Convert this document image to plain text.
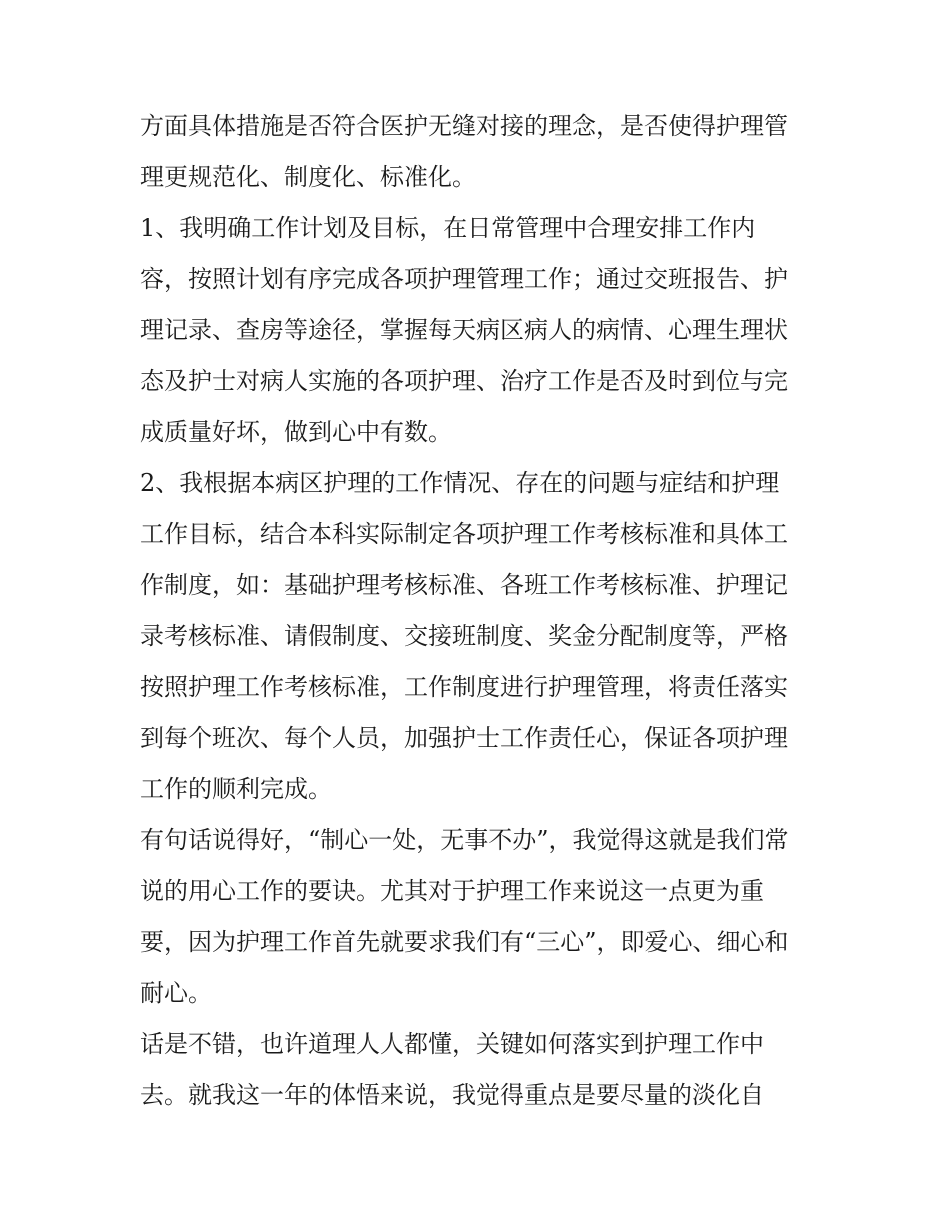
方面具体措施是否符合医护无缝对接的理念，是否使得护理管
理更规范化、制度化、标准化。
1、我明确工作计划及目标，在日常管理中合理安排工作内
容，按照计划有序完成各项护理管理工作；通过交班报告、护
理记录、查房等途径，掌握每天病区病人的病情、心理生理状
态及护士对病人实施的各项护理、治疗工作是否及时到位与完
成质量好坏，做到心中有数。
2、我根据本病区护理的工作情况、存在的问题与症结和护理
工作目标，结合本科实际制定各项护理工作考核标准和具体工
作制度，如：基础护理考核标准、各班工作考核标准、护理记
录考核标准、请假制度、交接班制度、奖金分配制度等，严格
按照护理工作考核标准，工作制度进行护理管理，将责任落实
到每个班次、每个人员，加强护士工作责任心，保证各项护理
工作的顺利完成。
有句话说得好，“制心一处，无事不办”，我觉得这就是我们常
说的用心工作的要诀。尤其对于护理工作来说这一点更为重
要，因为护理工作首先就要求我们有“三心”，即爱心、细心和
耐心。
话是不错，也许道理人人都懂，关键如何落实到护理工作中
去。就我这一年的体悟来说，我觉得重点是要尽量的淡化自
